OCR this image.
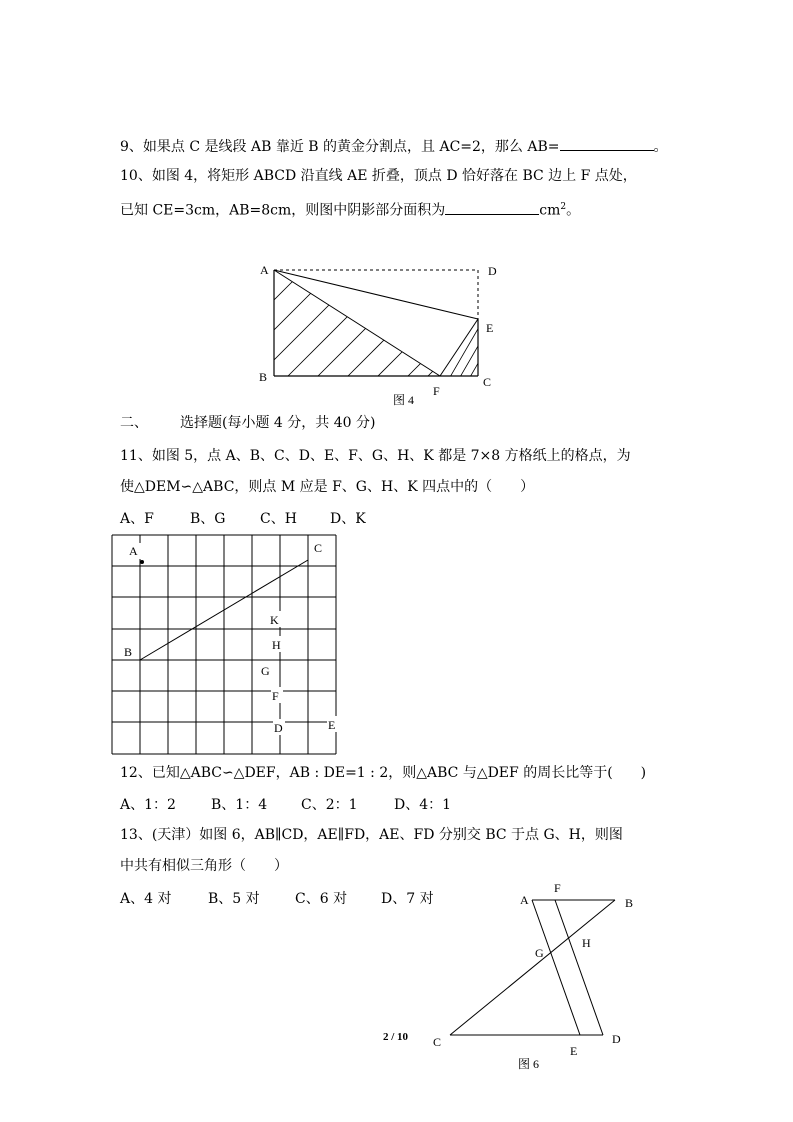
9、如果点 C 是线段 AB 靠近 B 的黄金分割点，且 AC=2，那么 AB=	。
10、如图 4，将矩形 ABCD 沿直线 AE 折叠，顶点 D 恰好落在 BC 边上 F 点处，
已知 CE=3cm，AB=8cm，则图中阴影部分面积为	$cm^2$。
A	D
E
B	C
F
图 4
二、 选择题(每小题 4 分，共 40 分)
11、如图 5，点 A、B、C、D、E、F、G、H、K 都是 7×8 方格纸上的格点，为
使△DEM∽△ABC，则点 M 应是 F、G、H、K 四点中的（　　）
A、F	B、G C、H D、K
A	C
B
K
H
G
F
D	E
12、已知△ABC∽△DEF，AB : DE=1 : 2，则△ABC 与△DEF 的周长比等于(　　)
A、1：2	B、1：4 C、2：1	D、4：1
13、(天津）如图 6，AB∥CD，AE∥FD，AE、FD 分别交 BC 于点 G、H，则图
中共有相似三角形（　　）
A、4 对	B、5 对	C、6 对 D、7 对	A
F
B
G
H
C
E
D
图 6
2 / 10
